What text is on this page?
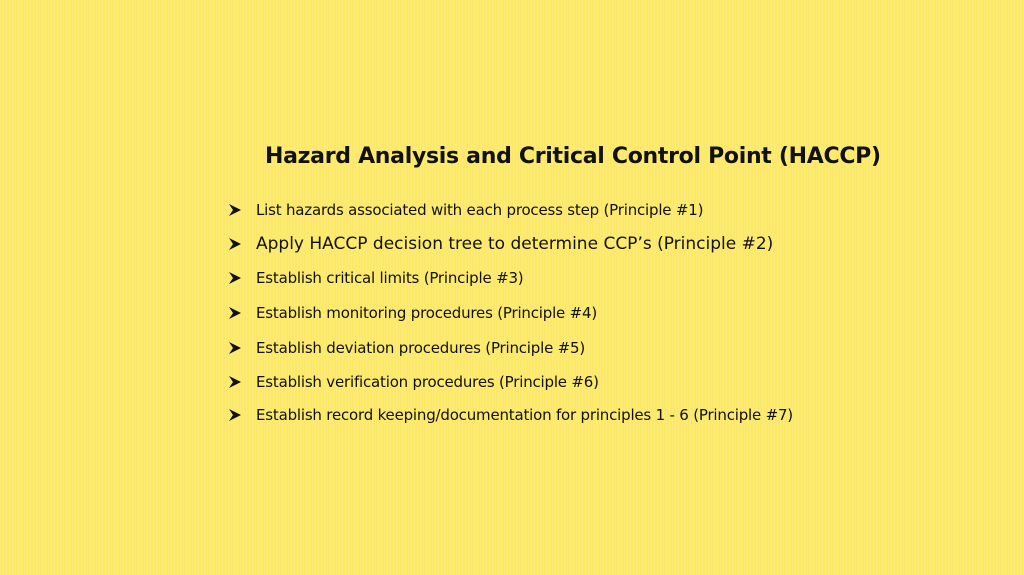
Hazard Analysis and Critical Control Point (HACCP)
List hazards associated with each process step (Principle #1)
Apply HACCP decision tree to determine CCP’s (Principle #2)
Establish critical limits (Principle #3)
Establish monitoring procedures (Principle #4)
Establish deviation procedures (Principle #5)
Establish verification procedures (Principle #6)
Establish record keeping/documentation for principles 1 - 6 (Principle #7)
